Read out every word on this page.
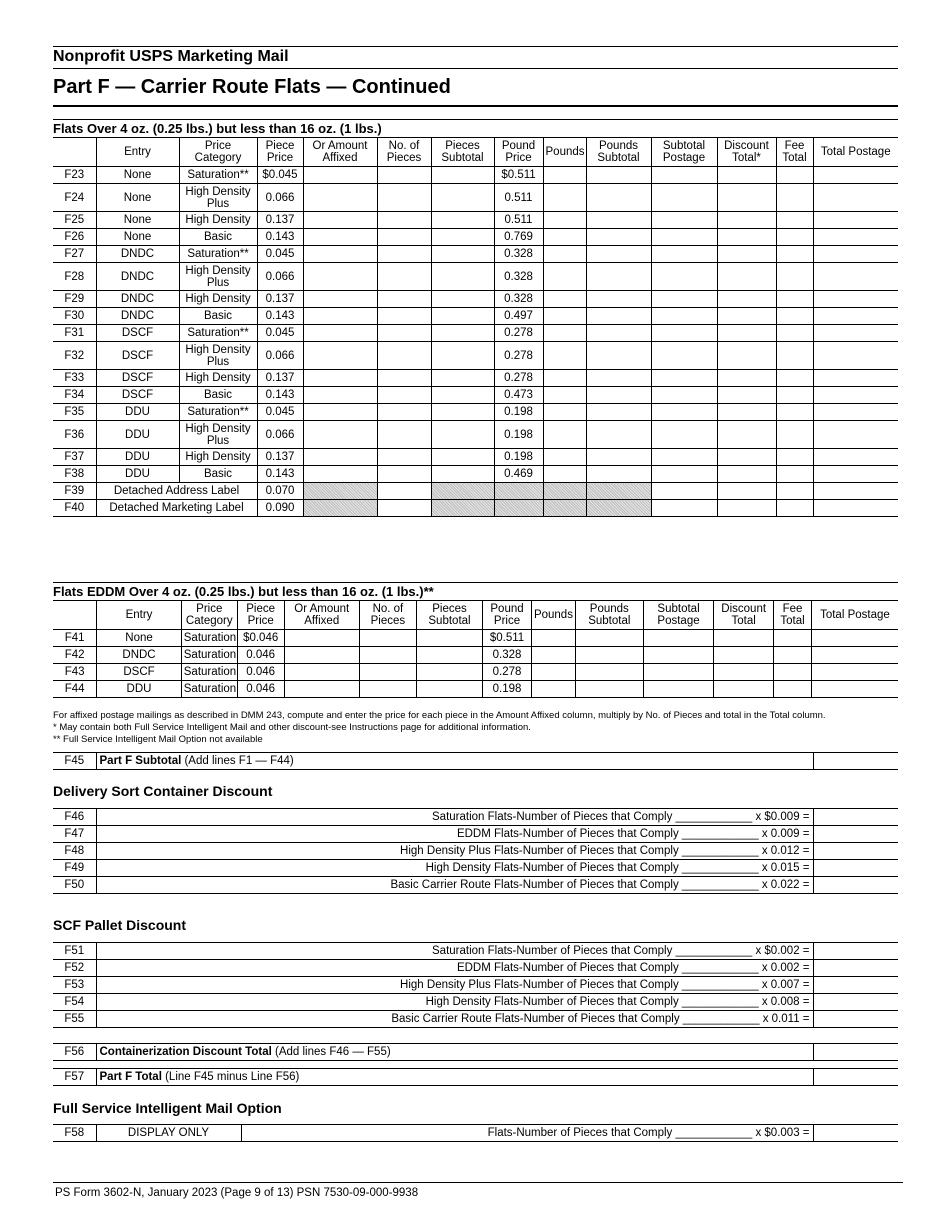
Nonprofit USPS Marketing Mail
Part F — Carrier Route Flats — Continued
Flats Over 4 oz. (0.25 lbs.) but less than 16 oz. (1 lbs.)
	Entry	Price Category	Piece Price	Or Amount Affixed	No. of Pieces	Pieces Subtotal	Pound Price	Pounds	Pounds Subtotal	Subtotal Postage	Discount Total*	Fee Total	Total Postage
F23	None	Saturation**	$0.045				$0.511						
F24	None	High Density Plus	0.066				0.511						
F25	None	High Density	0.137				0.511						
F26	None	Basic	0.143				0.769						
F27	DNDC	Saturation**	0.045				0.328						
F28	DNDC	High Density Plus	0.066				0.328						
F29	DNDC	High Density	0.137				0.328						
F30	DNDC	Basic	0.143				0.497						
F31	DSCF	Saturation**	0.045				0.278						
F32	DSCF	High Density Plus	0.066				0.278						
F33	DSCF	High Density	0.137				0.278						
F34	DSCF	Basic	0.143				0.473						
F35	DDU	Saturation**	0.045				0.198						
F36	DDU	High Density Plus	0.066				0.198						
F37	DDU	High Density	0.137				0.198						
F38	DDU	Basic	0.143				0.469						
F39	Detached Address Label		0.070										
F40	Detached Marketing Label		0.090										
Flats EDDM Over 4 oz. (0.25 lbs.) but less than 16 oz. (1 lbs.)**
	Entry	Price Category	Piece Price	Or Amount Affixed	No. of Pieces	Pieces Subtotal	Pound Price	Pounds	Pounds Subtotal	Subtotal Postage	Discount Total	Fee Total	Total Postage
F41	None	Saturation	$0.046				$0.511						
F42	DNDC	Saturation	0.046				0.328						
F43	DSCF	Saturation	0.046				0.278						
F44	DDU	Saturation	0.046				0.198						
For affixed postage mailings as described in DMM 243, compute and enter the price for each piece in the Amount Affixed column, multiply by No. of Pieces and total in the Total column.
* May contain both Full Service Intelligent Mail and other discount-see Instructions page for additional information.
** Full Service Intelligent Mail Option not available
F45	Part F Subtotal (Add lines F1 — F44)	
Delivery Sort Container Discount
F46	Saturation Flats-Number of Pieces that Comply ____________ x $0.009 =	
F47	EDDM Flats-Number of Pieces that Comply ____________ x 0.009 =	
F48	High Density Plus Flats-Number of Pieces that Comply ____________ x 0.012 =	
F49	High Density Flats-Number of Pieces that Comply ____________ x 0.015 =	
F50	Basic Carrier Route Flats-Number of Pieces that Comply ____________ x 0.022 =	
SCF Pallet Discount
F51	Saturation Flats-Number of Pieces that Comply ____________ x $0.002 =	
F52	EDDM Flats-Number of Pieces that Comply ____________ x 0.002 =	
F53	High Density Plus Flats-Number of Pieces that Comply ____________ x 0.007 =	
F54	High Density Flats-Number of Pieces that Comply ____________ x 0.008 =	
F55	Basic Carrier Route Flats-Number of Pieces that Comply ____________ x 0.011 =	
F56	Containerization Discount Total (Add lines F46 — F55)	
F57	Part F Total (Line F45 minus Line F56)	
Full Service Intelligent Mail Option
F58	DISPLAY ONLY	Flats-Number of Pieces that Comply ____________ x $0.003 =	
PS Form 3602-N, January 2023 (Page 9 of 13) PSN 7530-09-000-9938
